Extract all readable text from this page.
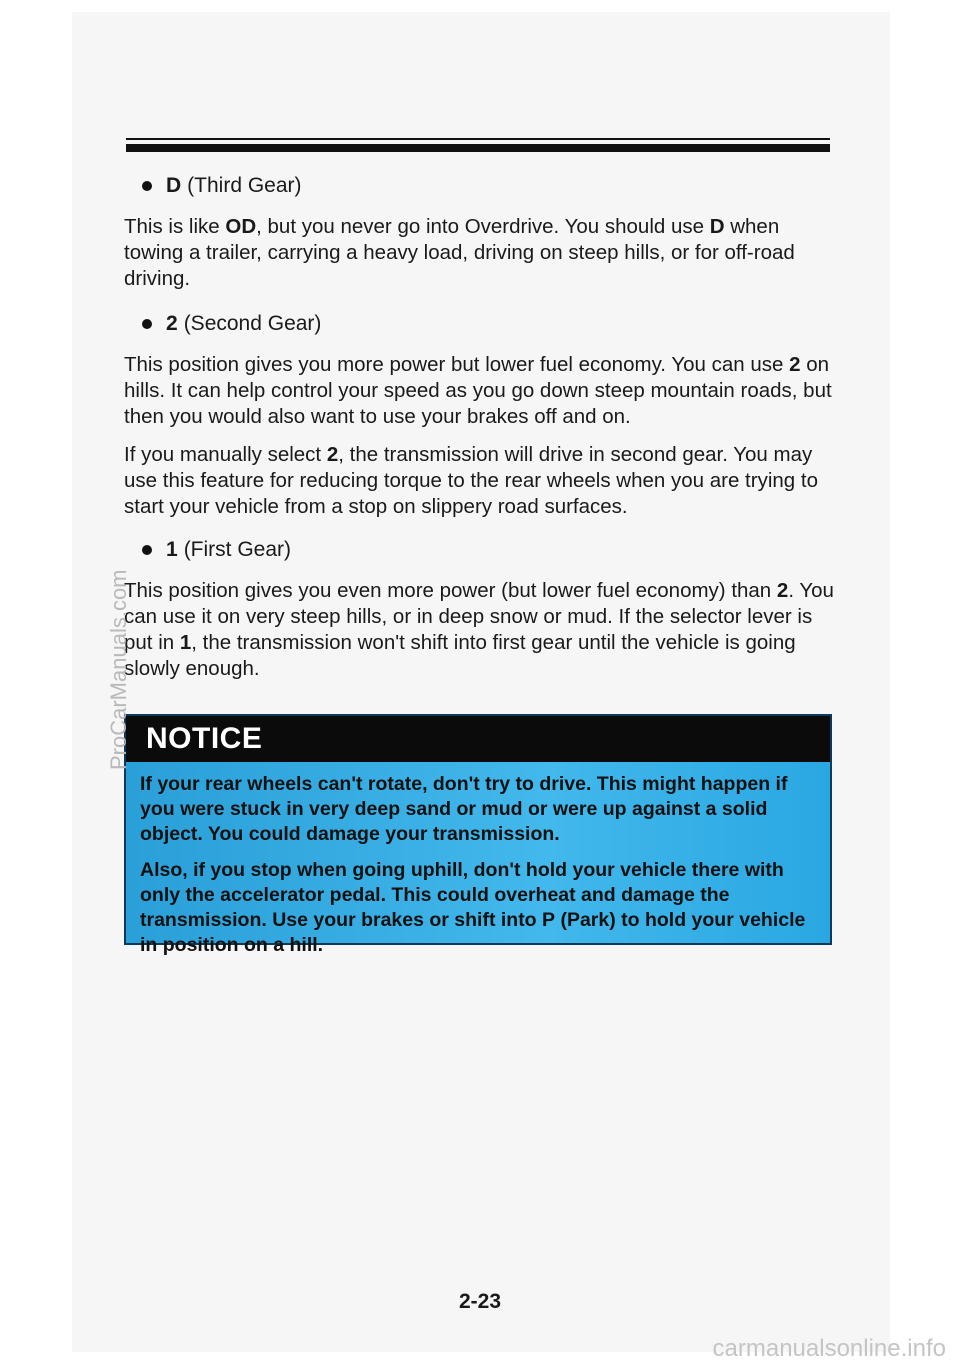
D (Third Gear)

This is like OD, but you never go into Overdrive. You should use D when towing a trailer, carrying a heavy load, driving on steep hills, or for off-road driving.

2 (Second Gear)

This position gives you more power but lower fuel economy. You can use 2 on hills. It can help control your speed as you go down steep mountain roads, but then you would also want to use your brakes off and on.

If you manually select 2, the transmission will drive in second gear. You may use this feature for reducing torque to the rear wheels when you are trying to start your vehicle from a stop on slippery road surfaces.

1 (First Gear)

This position gives you even more power (but lower fuel economy) than 2. You can use it on very steep hills, or in deep snow or mud. If the selector lever is put in 1, the transmission won't shift into first gear until the vehicle is going slowly enough.

NOTICE

If your rear wheels can't rotate, don't try to drive. This might happen if you were stuck in very deep sand or mud or were up against a solid object. You could damage your transmission.

Also, if you stop when going uphill, don't hold your vehicle there with only the accelerator pedal. This could overheat and damage the transmission. Use your brakes or shift into P (Park) to hold your vehicle in position on a hill.

2-23
ProCarManuals.com
carmanualsonline.info
